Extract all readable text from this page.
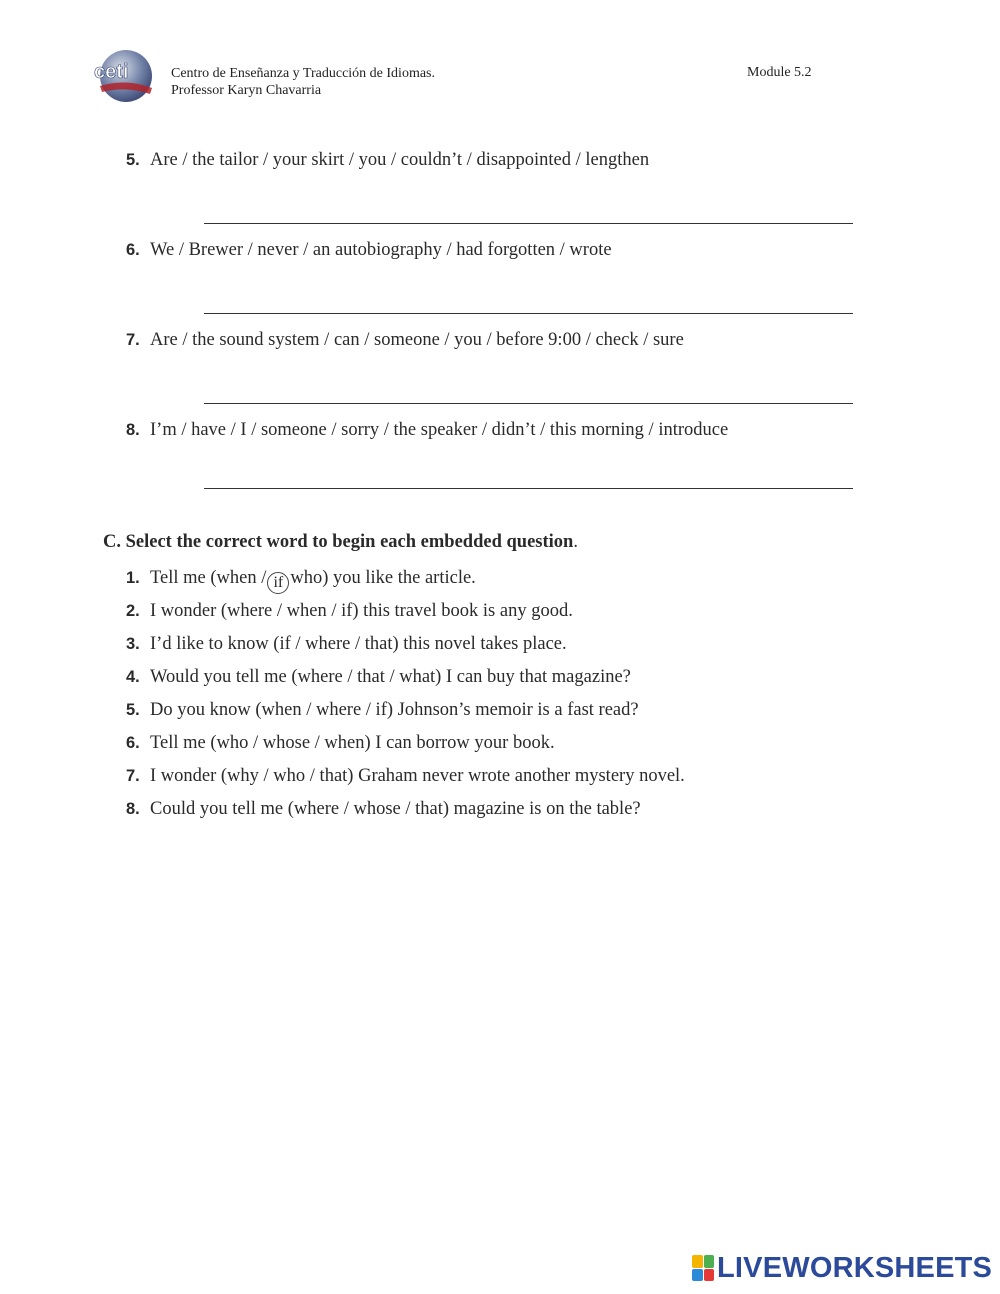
ceti	Centro de Enseñanza y Traducción de Idiomas.
Professor Karyn Chavarria
Module 5.2
5. Are / the tailor / your skirt / you / couldn’t / disappointed / lengthen
6. We / Brewer / never / an autobiography / had forgotten / wrote
7. Are / the sound system / can / someone / you / before 9:00 / check / sure
8. I’m / have / I / someone / sorry / the speaker / didn’t / this morning / introduce
C. Select the correct word to begin each embedded question.
1. Tell me (when / if who) you like the article.
2. I wonder (where / when / if) this travel book is any good.
3. I’d like to know (if / where / that) this novel takes place.
4. Would you tell me (where / that / what) I can buy that magazine?
5. Do you know (when / where / if) Johnson’s memoir is a fast read?
6. Tell me (who / whose / when) I can borrow your book.
7. I wonder (why / who / that) Graham never wrote another mystery novel.
8. Could you tell me (where / whose / that) magazine is on the table?
LIVEWORKSHEETS
